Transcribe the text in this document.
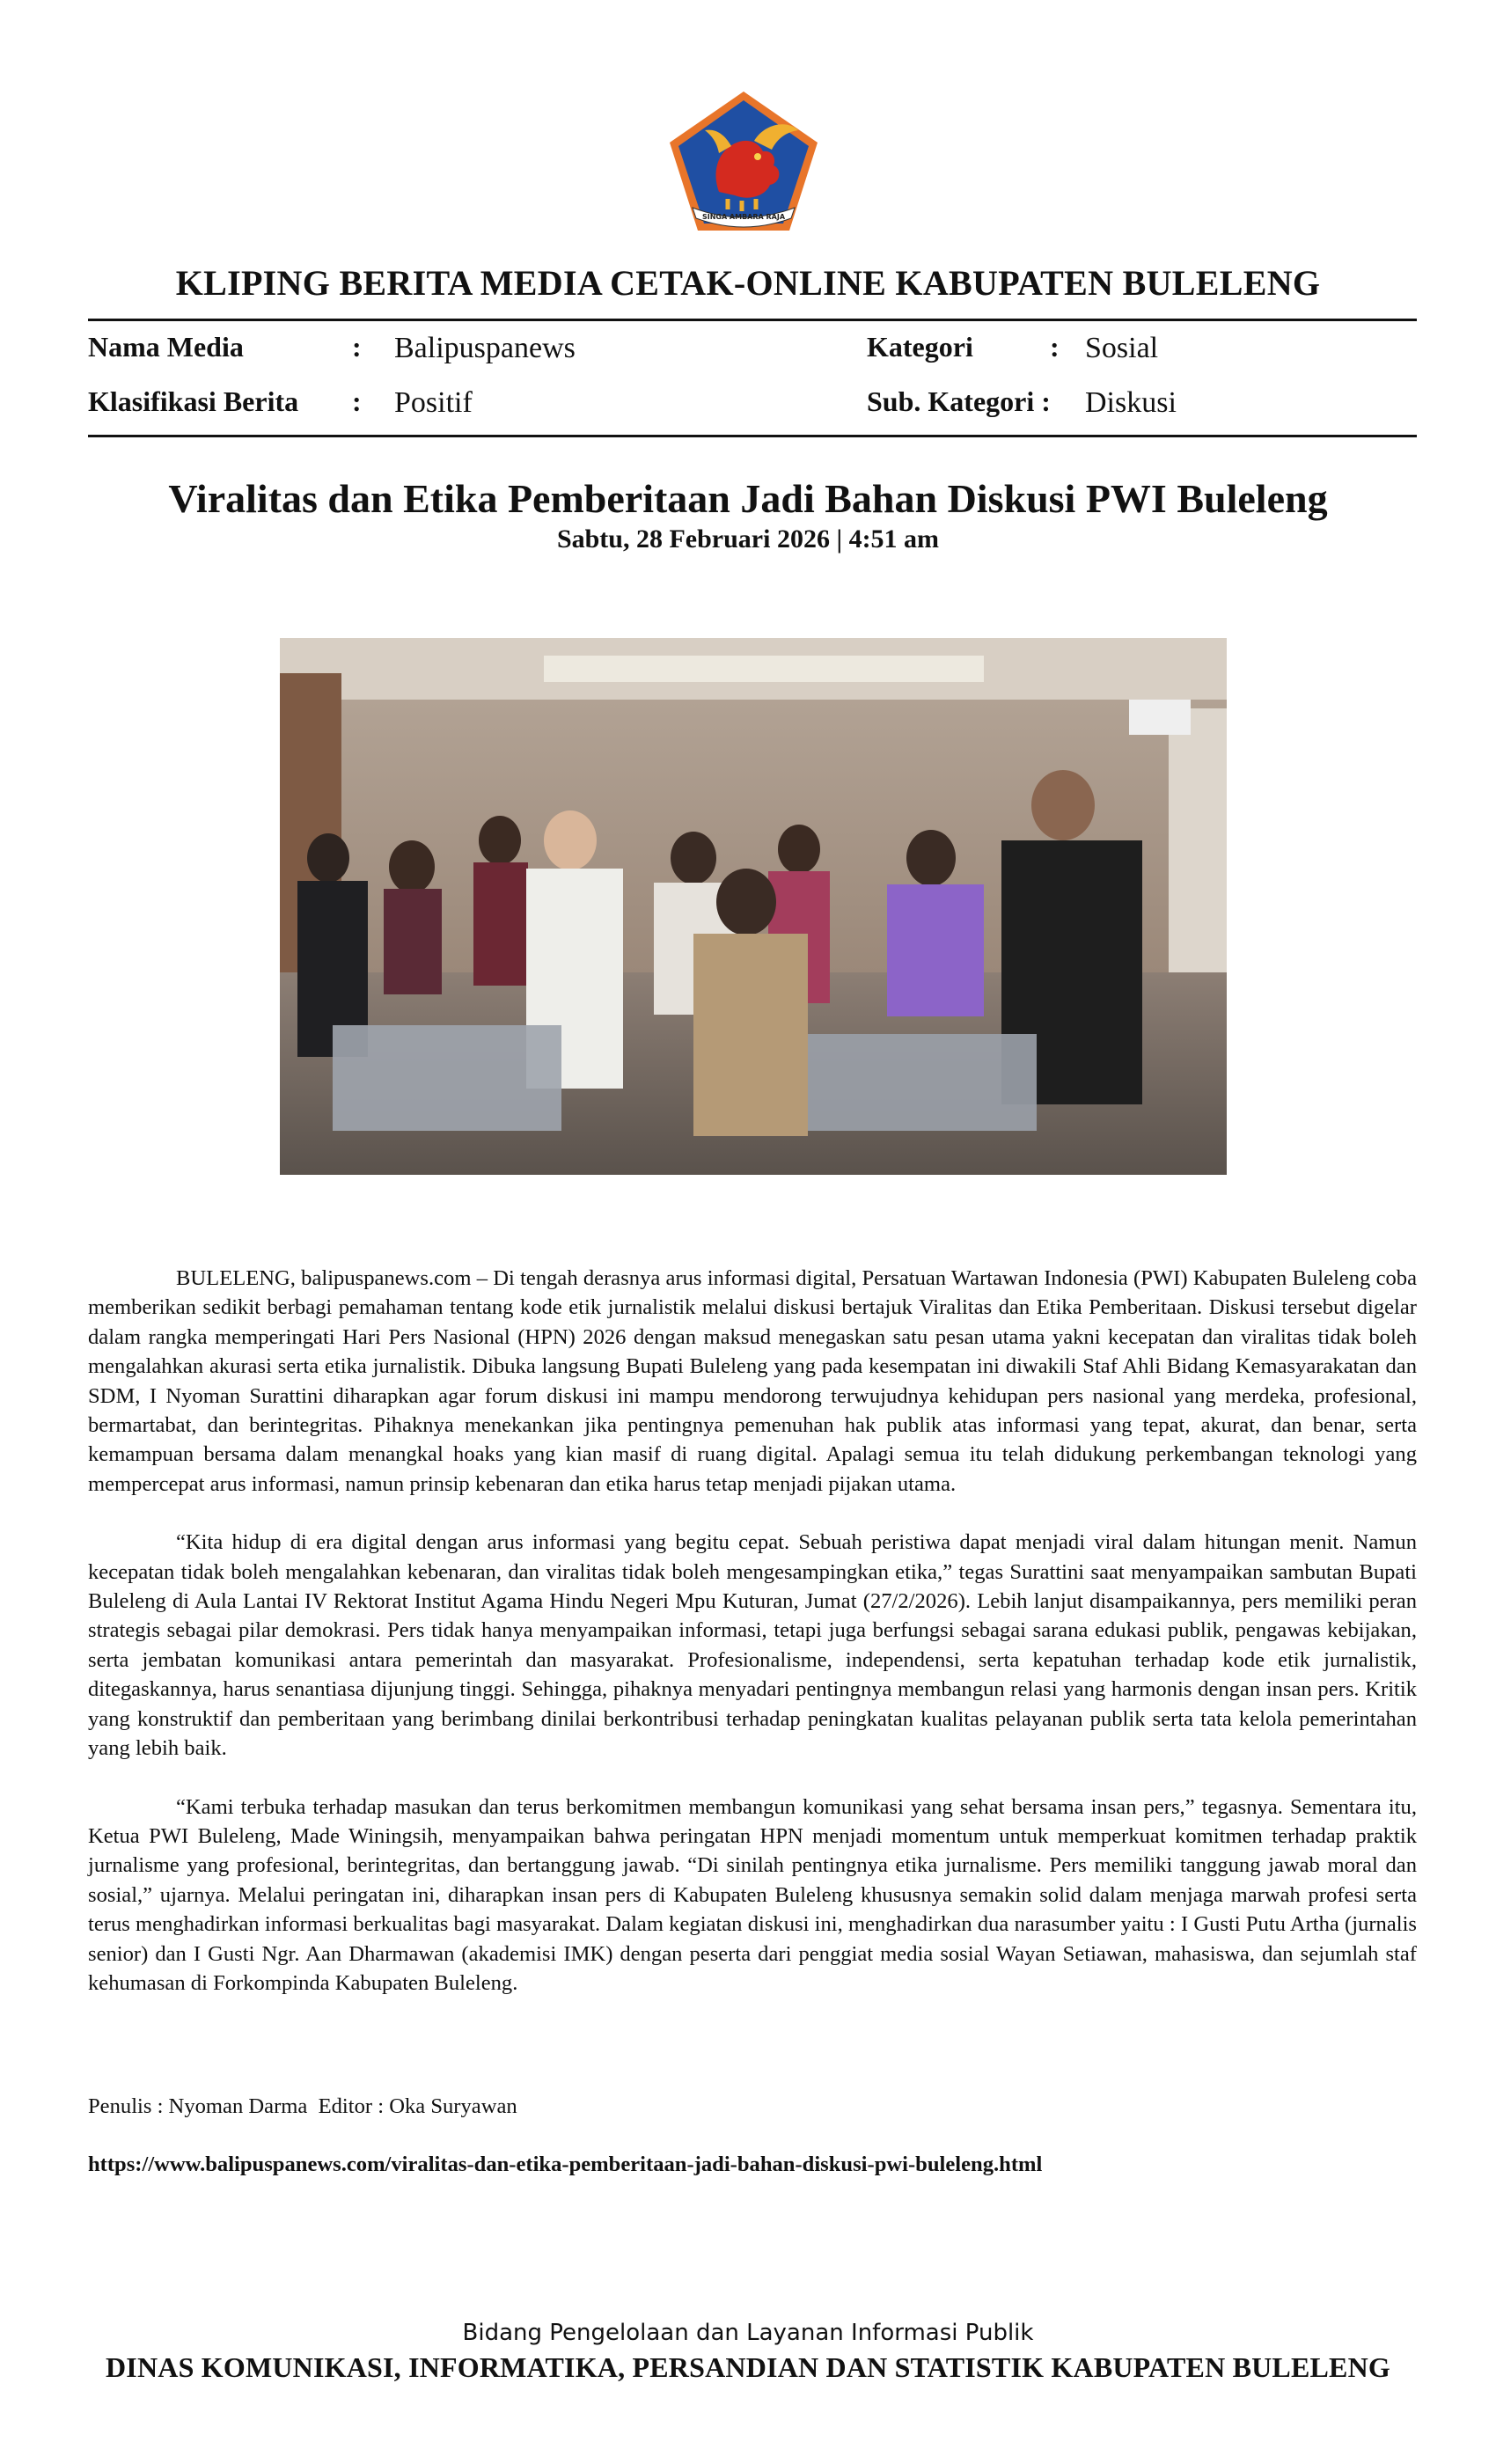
SINGA AMBARA RAJA
KLIPING BERITA MEDIA CETAK-ONLINE KABUPATEN BULELENG
Nama Media	: Balipuspanews	Kategori	: Sosial
Klasifikasi Berita : Positif	Sub. Kategori : Diskusi
Viralitas dan Etika Pemberitaan Jadi Bahan Diskusi PWI Buleleng
Sabtu, 28 Februari 2026 | 4:51 am

BULELENG, balipuspanews.com – Di tengah derasnya arus informasi digital, Persatuan Wartawan Indonesia (PWI) Kabupaten Buleleng coba memberikan sedikit berbagi pemahaman tentang kode etik jurnalistik melalui diskusi bertajuk Viralitas dan Etika Pemberitaan. Diskusi tersebut digelar dalam rangka memperingati Hari Pers Nasional (HPN) 2026 dengan maksud menegaskan satu pesan utama yakni kecepatan dan viralitas tidak boleh mengalahkan akurasi serta etika jurnalistik. Dibuka langsung Bupati Buleleng yang pada kesempatan ini diwakili Staf Ahli Bidang Kemasyarakatan dan SDM, I Nyoman Surattini diharapkan agar forum diskusi ini mampu mendorong terwujudnya kehidupan pers nasional yang merdeka, profesional, bermartabat, dan berintegritas. Pihaknya menekankan jika pentingnya pemenuhan hak publik atas informasi yang tepat, akurat, dan benar, serta kemampuan bersama dalam menangkal hoaks yang kian masif di ruang digital. Apalagi semua itu telah didukung perkembangan teknologi yang mempercepat arus informasi, namun prinsip kebenaran dan etika harus tetap menjadi pijakan utama.

“Kita hidup di era digital dengan arus informasi yang begitu cepat. Sebuah peristiwa dapat menjadi viral dalam hitungan menit. Namun kecepatan tidak boleh mengalahkan kebenaran, dan viralitas tidak boleh mengesampingkan etika,” tegas Surattini saat menyampaikan sambutan Bupati Buleleng di Aula Lantai IV Rektorat Institut Agama Hindu Negeri Mpu Kuturan, Jumat (27/2/2026). Lebih lanjut disampaikannya, pers memiliki peran strategis sebagai pilar demokrasi. Pers tidak hanya menyampaikan informasi, tetapi juga berfungsi sebagai sarana edukasi publik, pengawas kebijakan, serta jembatan komunikasi antara pemerintah dan masyarakat. Profesionalisme, independensi, serta kepatuhan terhadap kode etik jurnalistik, ditegaskannya, harus senantiasa dijunjung tinggi. Sehingga, pihaknya menyadari pentingnya membangun relasi yang harmonis dengan insan pers. Kritik yang konstruktif dan pemberitaan yang berimbang dinilai berkontribusi terhadap peningkatan kualitas pelayanan publik serta tata kelola pemerintahan yang lebih baik.

“Kami terbuka terhadap masukan dan terus berkomitmen membangun komunikasi yang sehat bersama insan pers,” tegasnya. Sementara itu, Ketua PWI Buleleng, Made Winingsih, menyampaikan bahwa peringatan HPN menjadi momentum untuk memperkuat komitmen terhadap praktik jurnalisme yang profesional, berintegritas, dan bertanggung jawab. “Di sinilah pentingnya etika jurnalisme. Pers memiliki tanggung jawab moral dan sosial,” ujarnya. Melalui peringatan ini, diharapkan insan pers di Kabupaten Buleleng khususnya semakin solid dalam menjaga marwah profesi serta terus menghadirkan informasi berkualitas bagi masyarakat. Dalam kegiatan diskusi ini, menghadirkan dua narasumber yaitu : I Gusti Putu Artha (jurnalis senior) dan I Gusti Ngr. Aan Dharmawan (akademisi IMK) dengan peserta dari penggiat media sosial Wayan Setiawan, mahasiswa, dan sejumlah staf kehumasan di Forkompinda Kabupaten Buleleng.

Penulis : Nyoman Darma  Editor : Oka Suryawan
https://www.balipuspanews.com/viralitas-dan-etika-pemberitaan-jadi-bahan-diskusi-pwi-buleleng.html
Bidang Pengelolaan dan Layanan Informasi Publik
DINAS KOMUNIKASI, INFORMATIKA, PERSANDIAN DAN STATISTIK KABUPATEN BULELENG
